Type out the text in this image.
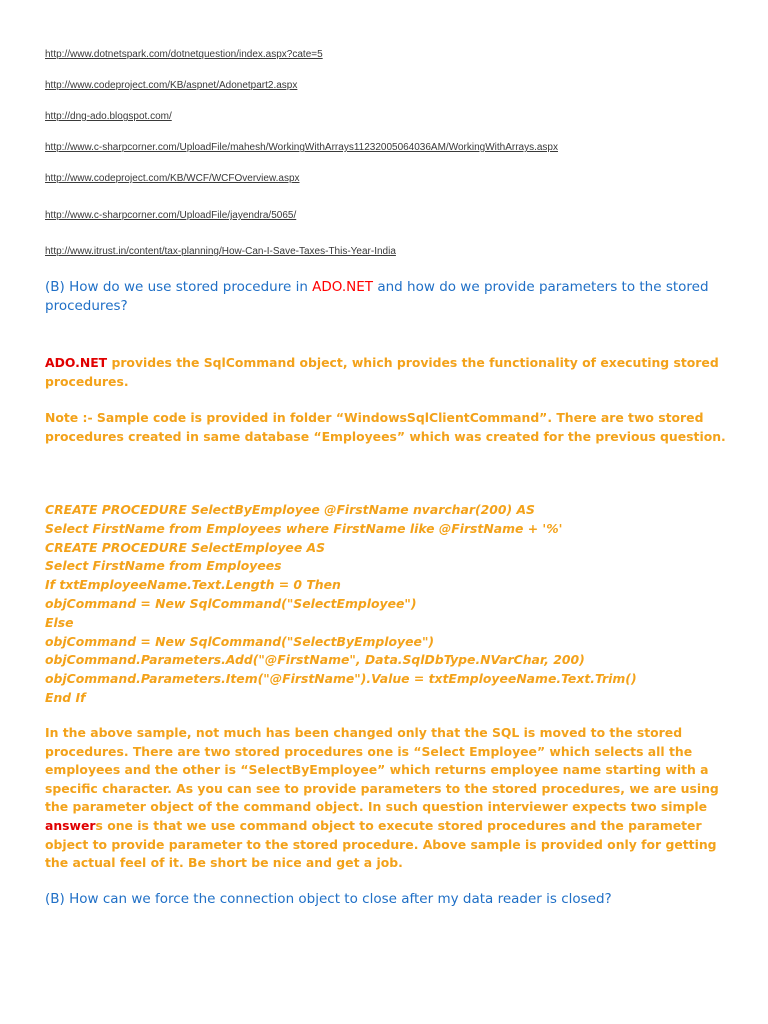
http://www.dotnetspark.com/dotnetquestion/index.aspx?cate=5
http://www.codeproject.com/KB/aspnet/Adonetpart2.aspx
http://dng-ado.blogspot.com/
http://www.c-sharpcorner.com/UploadFile/mahesh/WorkingWithArrays11232005064036AM/WorkingWithArrays.aspx
http://www.codeproject.com/KB/WCF/WCFOverview.aspx
http://www.c-sharpcorner.com/UploadFile/jayendra/5065/
http://www.itrust.in/content/tax-planning/How-Can-I-Save-Taxes-This-Year-India
(B) How do we use stored procedure in ADO.NET and how do we provide parameters to the stored procedures?
ADO.NET provides the SqlCommand object, which provides the functionality of executing stored procedures.
Note :- Sample code is provided in folder “WindowsSqlClientCommand”. There are two stored procedures created in same database “Employees” which was created for the previous question.
CREATE PROCEDURE SelectByEmployee @FirstName nvarchar(200) AS
Select FirstName from Employees where FirstName like @FirstName + '%'
CREATE PROCEDURE SelectEmployee AS
Select FirstName from Employees
If txtEmployeeName.Text.Length = 0 Then
objCommand = New SqlCommand("SelectEmployee")
Else
objCommand = New SqlCommand("SelectByEmployee")
objCommand.Parameters.Add("@FirstName", Data.SqlDbType.NVarChar, 200)
objCommand.Parameters.Item("@FirstName").Value = txtEmployeeName.Text.Trim()
End If
In the above sample, not much has been changed only that the SQL is moved to the stored procedures. There are two stored procedures one is “Select Employee” which selects all the employees and the other is “SelectByEmployee” which returns employee name starting with a specific character. As you can see to provide parameters to the stored procedures, we are using the parameter object of the command object. In such question interviewer expects two simple answers one is that we use command object to execute stored procedures and the parameter object to provide parameter to the stored procedure. Above sample is provided only for getting the actual feel of it. Be short be nice and get a job.
(B) How can we force the connection object to close after my data reader is closed?
